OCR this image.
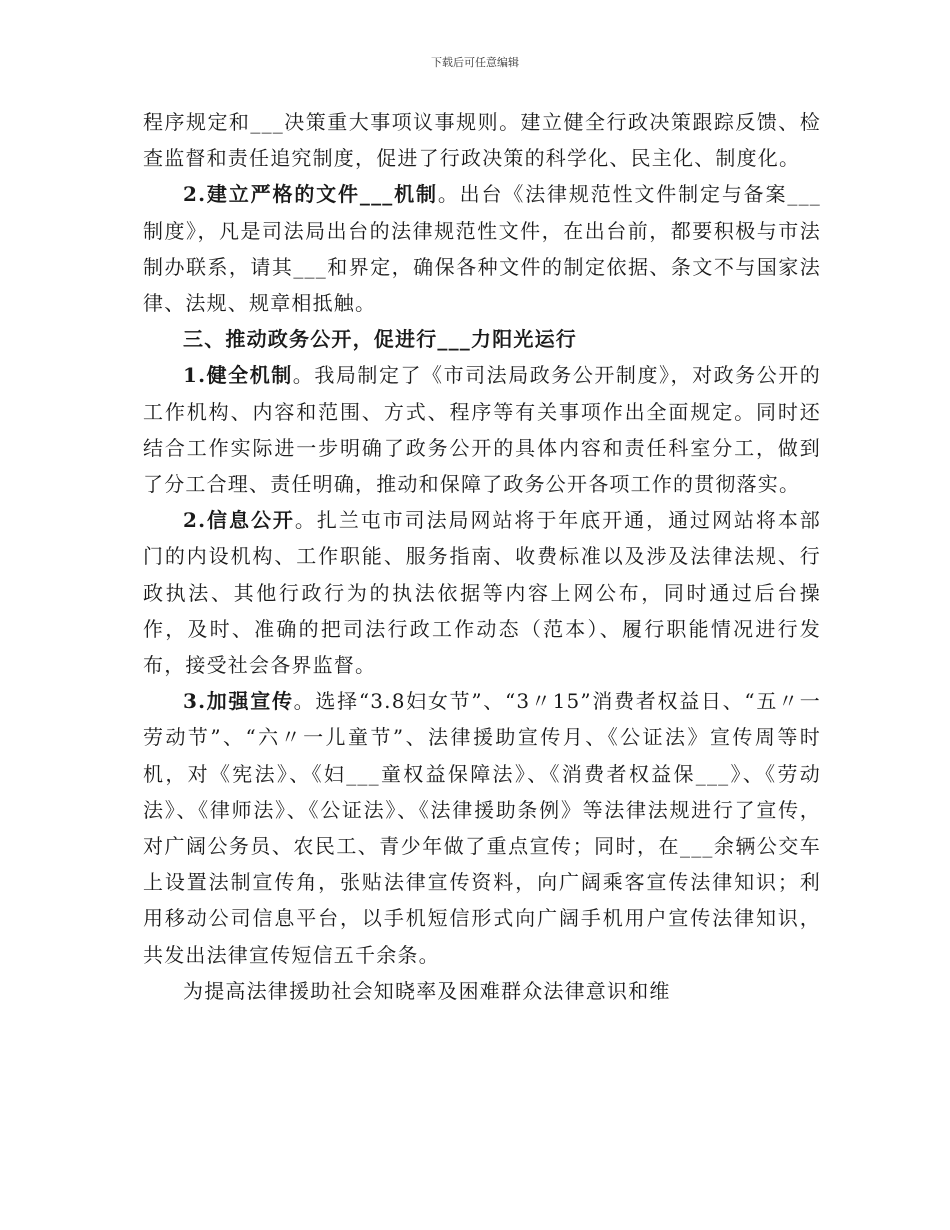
下载后可任意编辑

程序规定和___决策重大事项议事规则。建立健全行政决策跟踪反馈、检查监督和责任追究制度，促进了行政决策的科学化、民主化、制度化。

2.建立严格的文件___机制。出台《法律规范性文件制定与备案___制度》，凡是司法局出台的法律规范性文件，在出台前，都要积极与市法制办联系，请其___和界定，确保各种文件的制定依据、条文不与国家法律、法规、规章相抵触。

三、推动政务公开，促进行___力阳光运行

1.健全机制。我局制定了《市司法局政务公开制度》，对政务公开的工作机构、内容和范围、方式、程序等有关事项作出全面规定。同时还结合工作实际进一步明确了政务公开的具体内容和责任科室分工，做到了分工合理、责任明确，推动和保障了政务公开各项工作的贯彻落实。

2.信息公开。扎兰屯市司法局网站将于年底开通，通过网站将本部门的内设机构、工作职能、服务指南、收费标准以及涉及法律法规、行政执法、其他行政行为的执法依据等内容上网公布，同时通过后台操作，及时、准确的把司法行政工作动态（范本）、履行职能情况进行发布，接受社会各界监督。

3.加强宣传。选择“3.8妇女节”、“3〃15”消费者权益日、“五〃一劳动节”、“六〃一儿童节”、法律援助宣传月、《公证法》宣传周等时机，对《宪法》、《妇___童权益保障法》、《消费者权益保___》、《劳动法》、《律师法》、《公证法》、《法律援助条例》等法律法规进行了宣传，对广阔公务员、农民工、青少年做了重点宣传；同时，在___余辆公交车上设置法制宣传角，张贴法律宣传资料，向广阔乘客宣传法律知识；利用移动公司信息平台，以手机短信形式向广阔手机用户宣传法律知识，共发出法律宣传短信五千余条。

为提高法律援助社会知晓率及困难群众法律意识和维
